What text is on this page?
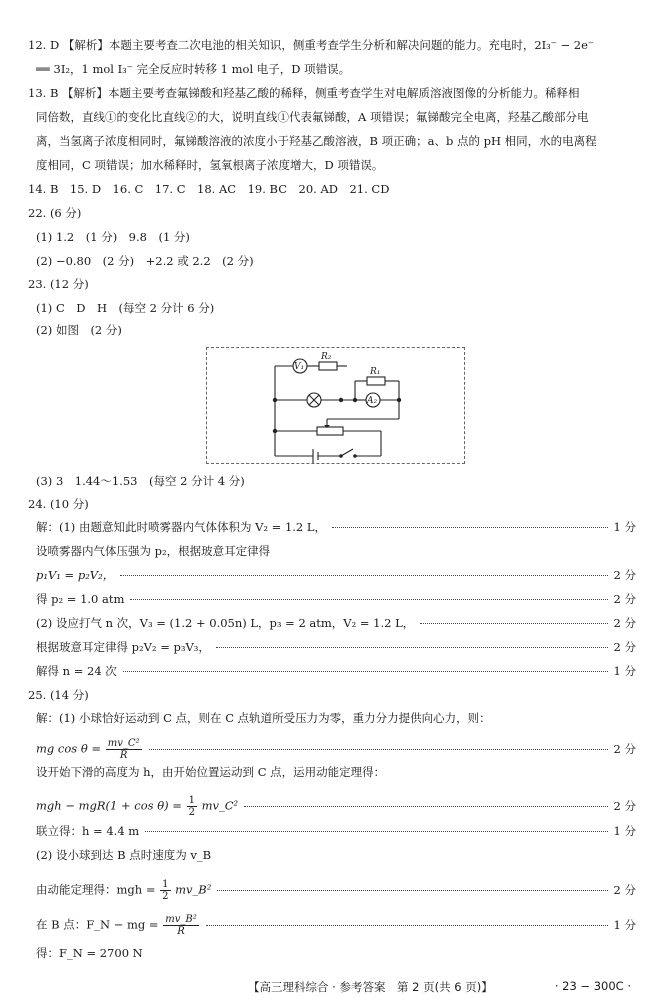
12. D 【解析】本题主要考查二次电池的相关知识，侧重考查学生分析和解决问题的能力。充电时，2I₃⁻ − 2e⁻
══ 3I₂，1 mol I₃⁻ 完全反应时转移 1 mol 电子，D 项错误。
13. B 【解析】本题主要考查氟锑酸和羟基乙酸的稀释，侧重考查学生对电解质溶液图像的分析能力。稀释相
同倍数，直线①的变化比直线②的大，说明直线①代表氟锑酸，A 项错误；氟锑酸完全电离，羟基乙酸部分电
离，当氢离子浓度相同时，氟锑酸溶液的浓度小于羟基乙酸溶液，B 项正确；a、b 点的 pH 相同，水的电离程
度相同，C 项错误；加水稀释时，氢氧根离子浓度增大，D 项错误。
14. B　15. D　16. C　17. C　18. AC　19. BC　20. AD　21. CD
22. (6 分)
(1) 1.2　(1 分)　9.8　(1 分)
(2) −0.80　(2 分)　+2.2 或 2.2　(2 分)
23. (12 分)
(1) C　D　H　(每空 2 分计 6 分)
(2) 如图　(2 分)
V₁
A₂
R₂
R₁
(3) 3　1.44～1.53　(每空 2 分计 4 分)
24. (10 分)
解：(1) 由题意知此时喷雾器内气体体积为 V₂ = 1.2 L，	1 分
设喷雾器内气体压强为 p₂，根据玻意耳定律得
p₁V₁ = p₂V₂，	2 分
得 p₂ = 1.0 atm	2 分
(2) 设应打气 n 次，V₃ = (1.2 + 0.05n) L，p₃ = 2 atm，V₂ = 1.2 L，	2 分
根据玻意耳定律得 p₂V₂ = p₃V₃，	2 分
解得 n = 24 次	1 分
25. (14 分)
解：(1) 小球恰好运动到 C 点，则在 C 点轨道所受压力为零，重力分力提供向心力，则：
mg $\cos \theta = \frac{\text{mv\_C²}}{R}$	2 分
设开始下滑的高度为 h，由开始位置运动到 C 点，运用动能定理得：
mgh − $mgR(1 + \cos \theta) = \frac{1}{2}$ mv_C²	2 分
联立得：h = 4.4 m	1 分
(2) 设小球到达 B 点时速度为 v_B
由动能定理得：mgh = $\frac{1}{2}$ mv_B²	2 分
在 B 点：F_N − mg = $\frac{\text{mv\_B²}}{R}$	1 分
得：F_N = 2700 N
【高三理科综合 · 参考答案　第 2 页(共 6 页)】	· 23 − 300C ·
